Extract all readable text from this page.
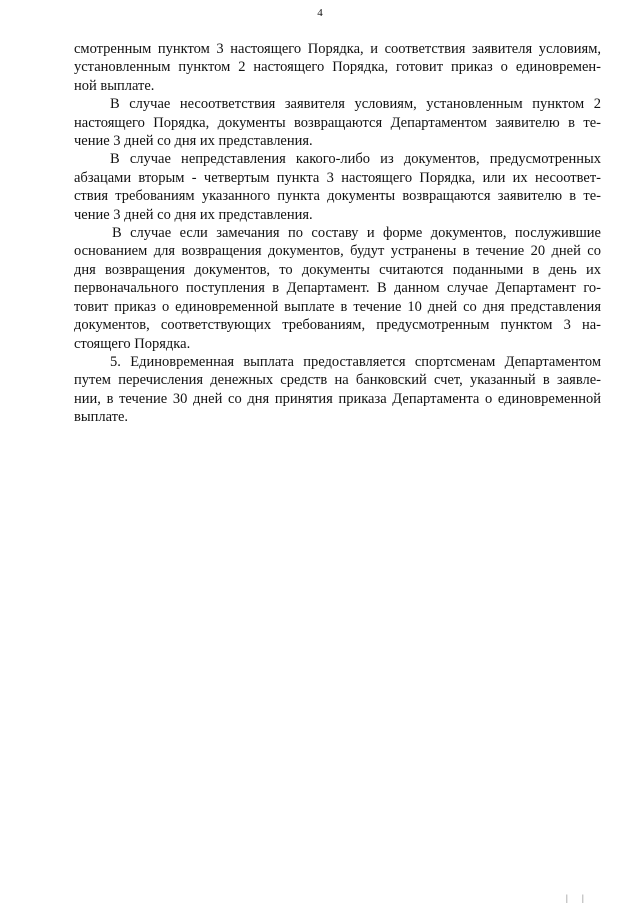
4

смотренным пунктом 3 настоящего Порядка, и соответствия заявителя условиям,
установленным пунктом 2 настоящего Порядка, готовит приказ о единовремен-
ной выплате.

В случае несоответствия заявителя условиям, установленным пунктом 2
настоящего Порядка, документы возвращаются Департаментом заявителю в те-
чение 3 дней со дня их представления.

В случае непредставления какого-либо из документов, предусмотренных
абзацами вторым - четвертым пункта 3 настоящего Порядка, или их несоответ-
ствия требованиям указанного пункта документы возвращаются заявителю в те-
чение 3 дней со дня их представления.

В случае если замечания по составу и форме документов, послужившие
основанием для возвращения документов, будут устранены в течение 20 дней со
дня возвращения документов, то документы считаются поданными в день их
первоначального поступления в Департамент. В данном случае Департамент го-
товит приказ о единовременной выплате в течение 10 дней со дня представления
документов, соответствующих требованиям, предусмотренным пунктом 3 на-
стоящего Порядка.

5. Единовременная выплата предоставляется спортсменам Департаментом
путем перечисления денежных средств на банковский счет, указанный в заявле-
нии, в течение 30 дней со дня принятия приказа Департамента о единовременной
выплате.

| |
